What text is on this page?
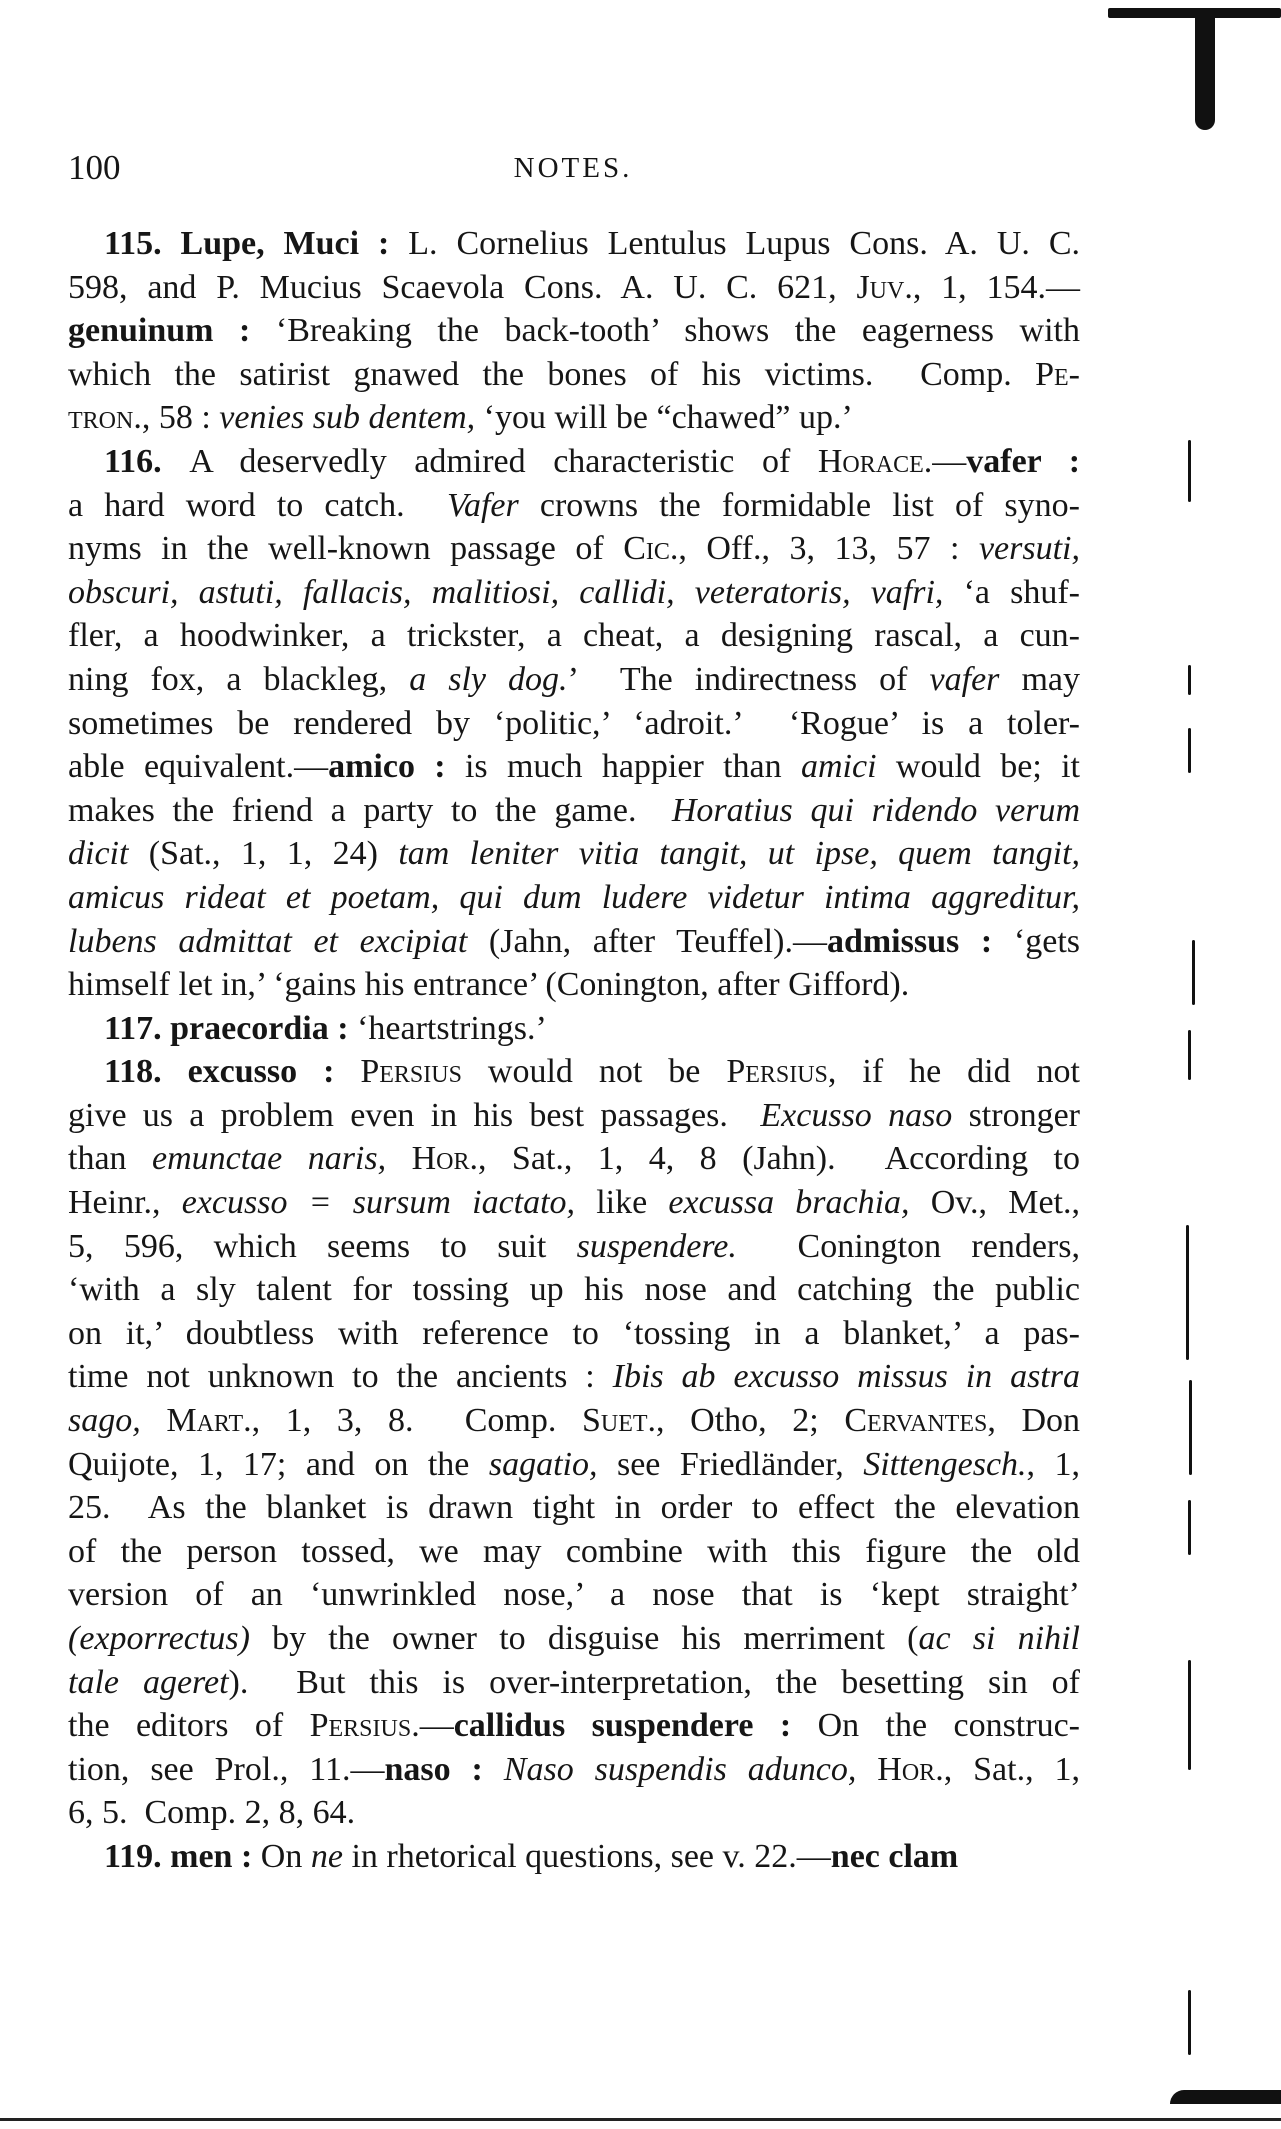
100	NOTES.
115. Lupe, Muci : L. Cornelius Lentulus Lupus Cons. A. U. C.
598, and P. Mucius Scaevola Cons. A. U. C. 621, Juv., 1, 154.—
genuinum : ‘Breaking the back-tooth’ shows the eagerness with
which the satirist gnawed the bones of his victims.  Comp. Pe-
tron., 58 : venies sub dentem, ‘you will be “chawed” up.’
116. A deservedly admired characteristic of Horace.—vafer :
a hard word to catch.  Vafer crowns the formidable list of syno-
nyms in the well-known passage of Cic., Off., 3, 13, 57 : versuti,
obscuri, astuti, fallacis, malitiosi, callidi, veteratoris, vafri, ‘a shuf-
fler, a hoodwinker, a trickster, a cheat, a designing rascal, a cun-
ning fox, a blackleg, a sly dog.’  The indirectness of vafer may
sometimes be rendered by ‘politic,’ ‘adroit.’  ‘Rogue’ is a toler-
able equivalent.—amico : is much happier than amici would be; it
makes the friend a party to the game.  Horatius qui ridendo verum
dicit (Sat., 1, 1, 24) tam leniter vitia tangit, ut ipse, quem tangit,
amicus rideat et poetam, qui dum ludere videtur intima aggreditur,
lubens admittat et excipiat (Jahn, after Teuffel).—admissus : ‘gets
himself let in,’ ‘gains his entrance’ (Conington, after Gifford).
117. praecordia : ‘heartstrings.’
118. excusso : Persius would not be Persius, if he did not
give us a problem even in his best passages.  Excusso naso stronger
than emunctae naris, Hor., Sat., 1, 4, 8 (Jahn).  According to
Heinr., excusso = sursum iactato, like excussa brachia, Ov., Met.,
5, 596, which seems to suit suspendere.  Conington renders,
‘with a sly talent for tossing up his nose and catching the public
on it,’ doubtless with reference to ‘tossing in a blanket,’ a pas-
time not unknown to the ancients : Ibis ab excusso missus in astra
sago, Mart., 1, 3, 8.  Comp. Suet., Otho, 2; Cervantes, Don
Quijote, 1, 17; and on the sagatio, see Friedländer, Sittengesch., 1,
25.  As the blanket is drawn tight in order to effect the elevation
of the person tossed, we may combine with this figure the old
version of an ‘unwrinkled nose,’ a nose that is ‘kept straight’
(exporrectus) by the owner to disguise his merriment (ac si nihil
tale ageret).  But this is over-interpretation, the besetting sin of
the editors of Persius.—callidus suspendere : On the construc-
tion, see Prol., 11.—naso : Naso suspendis adunco, Hor., Sat., 1,
6, 5.  Comp. 2, 8, 64.
119. men : On ne in rhetorical questions, see v. 22.—nec clam
